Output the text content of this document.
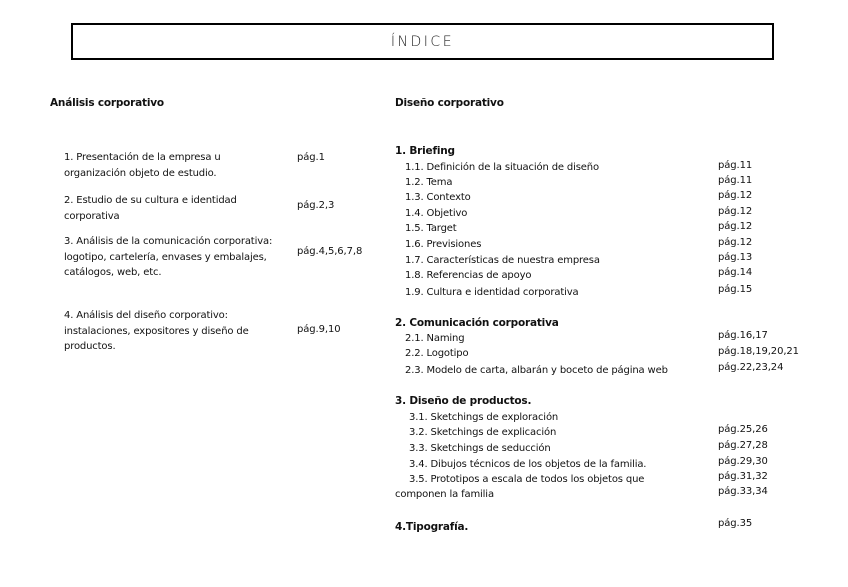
ÍNDICE
Análisis corporativo
1. Presentación de la empresa u organización objeto de estudio.
pág.1
2. Estudio de su cultura e identidad corporativa
pág.2,3
3. Análisis de la comunicación corporativa: logotipo, cartelería, envases y embalajes, catálogos, web, etc.
pág.4,5,6,7,8
4. Análisis del diseño corporativo: instalaciones, expositores y diseño de productos.
pág.9,10
Diseño corporativo
1. Briefing
1.1. Definición de la situación de diseño	pág.11
1.2. Tema	pág.11
1.3. Contexto	pág.12
1.4. Objetivo	pág.12
1.5. Target	pág.12
1.6. Previsiones	pág.12
1.7. Características de nuestra empresa	pág.13
1.8. Referencias de apoyo	pág.14
1.9. Cultura e identidad corporativa	pág.15
2. Comunicación corporativa
2.1. Naming	pág.16,17
2.2. Logotipo	pág.18,19,20,21
2.3. Modelo de carta, albarán y boceto de página web	pág.22,23,24
3. Diseño de productos.
3.1. Sketchings de exploración
3.2. Sketchings de explicación	pág.25,26
3.3. Sketchings de seducción	pág.27,28
3.4. Dibujos técnicos de los objetos de la familia.	pág.29,30
3.5. Prototipos a escala de todos los objetos que	pág.31,32
componen la familia	pág.33,34
4.Tipografía.	pág.35
